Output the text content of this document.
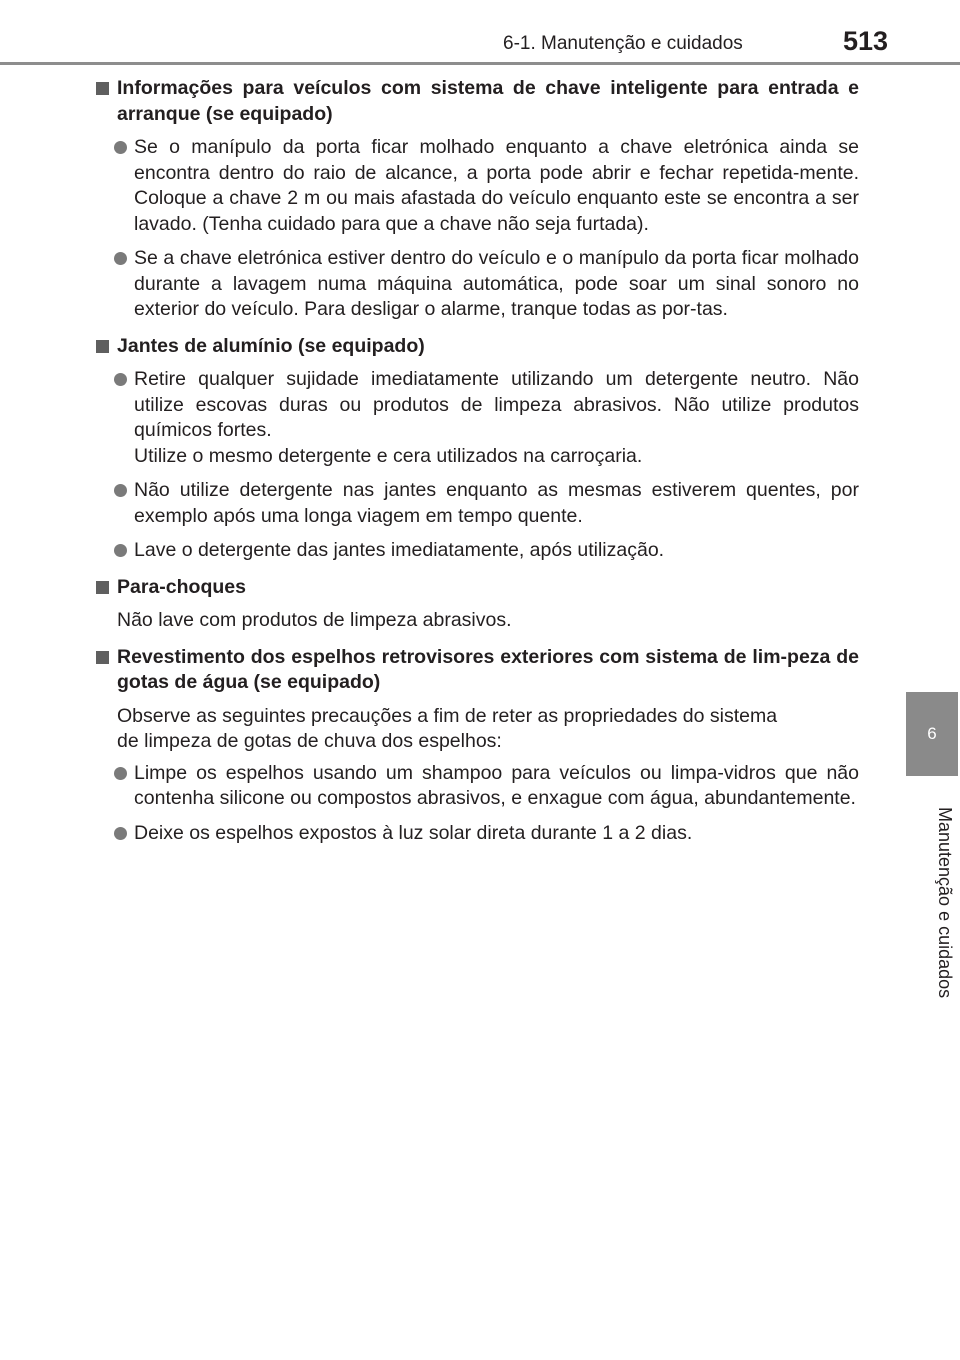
6-1. Manutenção e cuidados	513
6
Manutenção e cuidados
Informações para veículos com sistema de chave inteligente para entrada e arranque (se equipado)
Se o manípulo da porta ficar molhado enquanto a chave eletrónica ainda se encontra dentro do raio de alcance, a porta pode abrir e fechar repetida-mente. Coloque a chave 2 m ou mais afastada do veículo enquanto este se encontra a ser lavado. (Tenha cuidado para que a chave não seja furtada).
Se a chave eletrónica estiver dentro do veículo e o manípulo da porta ficar molhado durante a lavagem numa máquina automática, pode soar um sinal sonoro no exterior do veículo. Para desligar o alarme, tranque todas as por-tas.
Jantes de alumínio (se equipado)
Retire qualquer sujidade imediatamente utilizando um detergente neutro. Não utilize escovas duras ou produtos de limpeza abrasivos. Não utilize produtos químicos fortes.
Utilize o mesmo detergente e cera utilizados na carroçaria.
Não utilize detergente nas jantes enquanto as mesmas estiverem quentes, por exemplo após uma longa viagem em tempo quente.
Lave o detergente das jantes imediatamente, após utilização.
Para-choques
Não lave com produtos de limpeza abrasivos.
Revestimento dos espelhos retrovisores exteriores com sistema de lim-peza de gotas de água (se equipado)
Observe as seguintes precauções a fim de reter as propriedades do sistema
de limpeza de gotas de chuva dos espelhos:
Limpe os espelhos usando um shampoo para veículos ou limpa-vidros que não contenha silicone ou compostos abrasivos, e enxague com água, abundantemente.
Deixe os espelhos expostos à luz solar direta durante 1 a 2 dias.
